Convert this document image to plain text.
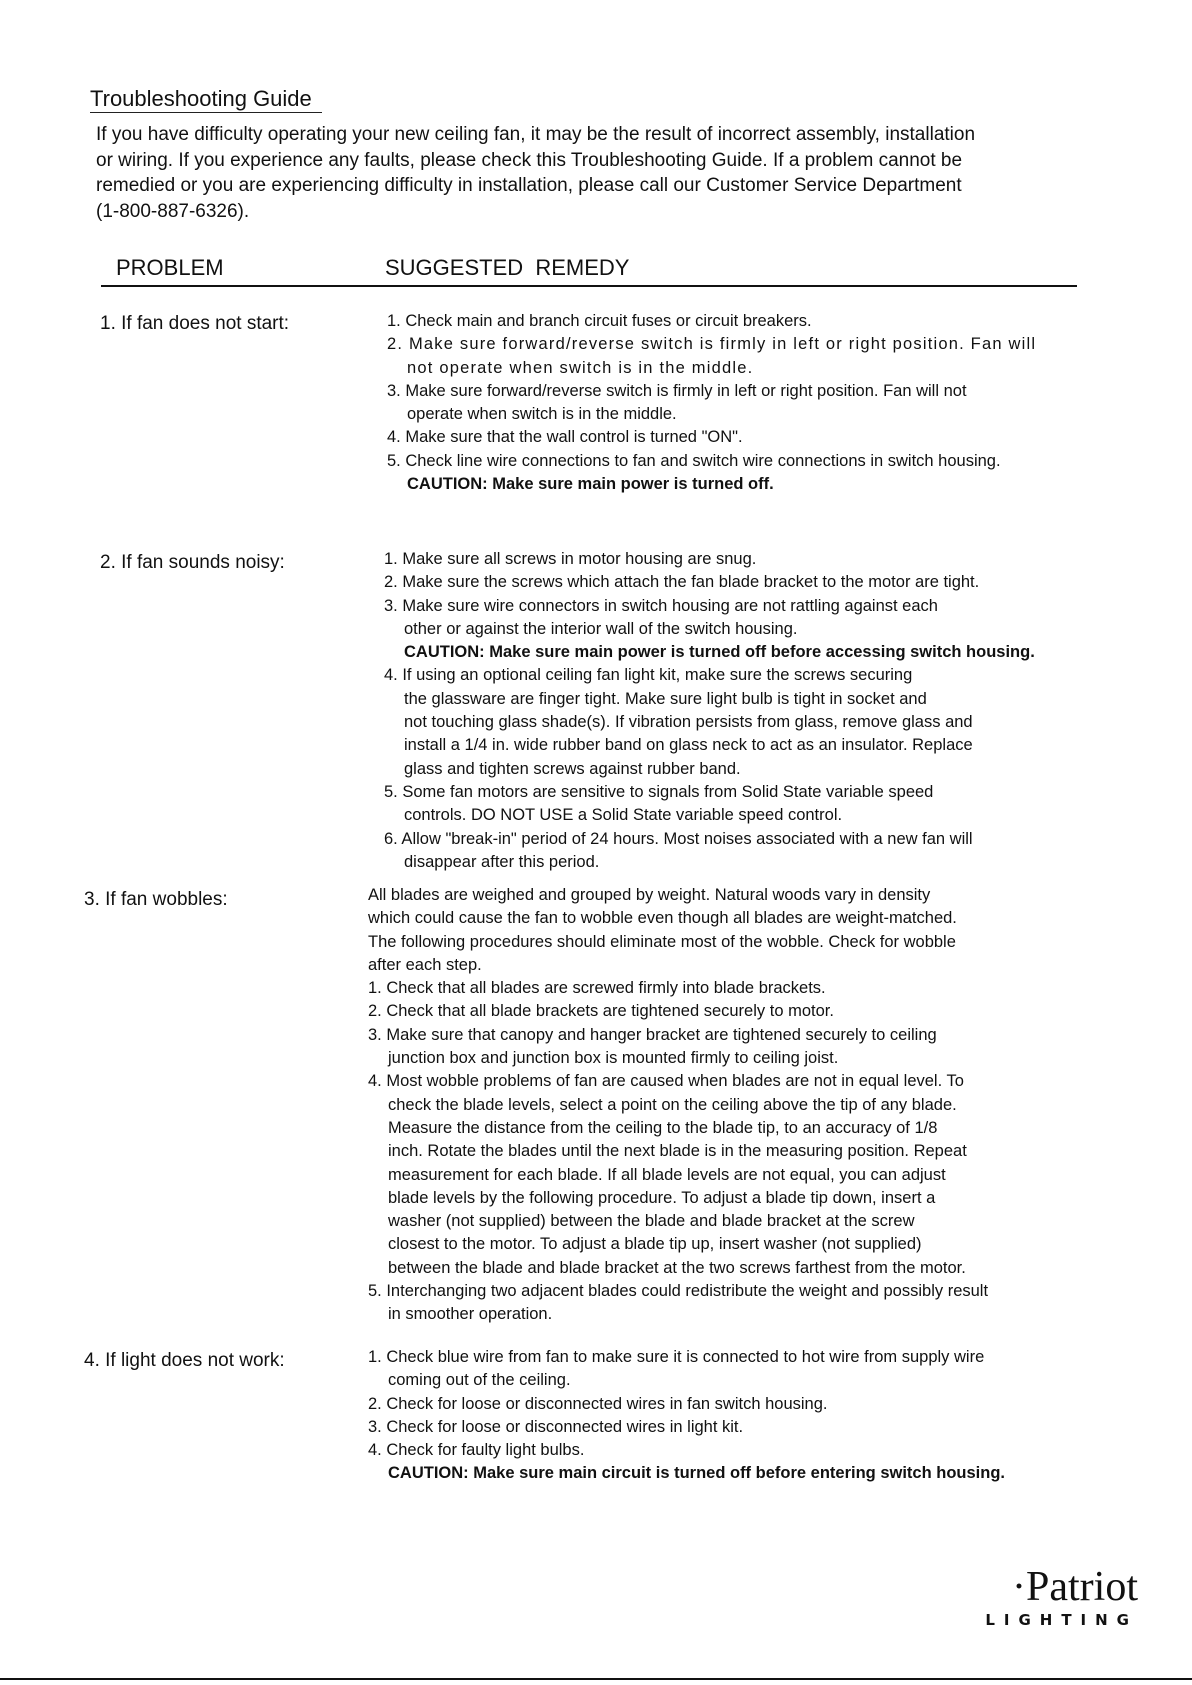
Troubleshooting Guide
If you have difficulty operating your new ceiling fan, it may be the result of incorrect assembly, installation
or wiring. If you experience any faults, please check this Troubleshooting Guide. If a problem cannot be
remedied or you are experiencing difficulty in installation, please call our Customer Service Department
(1-800-887-6326).
PROBLEM	SUGGESTED  REMEDY
1. If fan does not start:	1. Check main and branch circuit fuses or circuit breakers.
2. Make sure forward/reverse switch is firmly in left or right position. Fan will
not operate when switch is in the middle.
3. Make sure forward/reverse switch is firmly in left or right position. Fan will not
operate when switch is in the middle.
4. Make sure that the wall control is turned "ON".
5. Check line wire connections to fan and switch wire connections in switch housing.
CAUTION: Make sure main power is turned off.
2. If fan sounds noisy:	1. Make sure all screws in motor housing are snug.
2. Make sure the screws which attach the fan blade bracket to the motor are tight.
3. Make sure wire connectors in switch housing are not rattling against each
other or against the interior wall of the switch housing.
CAUTION: Make sure main power is turned off before accessing switch housing.
4. If using an optional ceiling fan light kit, make sure the screws securing
the glassware are finger tight. Make sure light bulb is tight in socket and
not touching glass shade(s). If vibration persists from glass, remove glass and
install a 1/4 in. wide rubber band on glass neck to act as an insulator. Replace
glass and tighten screws against rubber band.
5. Some fan motors are sensitive to signals from Solid State variable speed
controls. DO NOT USE a Solid State variable speed control.
6. Allow "break-in" period of 24 hours. Most noises associated with a new fan will
disappear after this period.
3. If fan wobbles:	All blades are weighed and grouped by weight. Natural woods vary in density
which could cause the fan to wobble even though all blades are weight-matched.
The following procedures should eliminate most of the wobble. Check for wobble
after each step.
1. Check that all blades are screwed firmly into blade brackets.
2. Check that all blade brackets are tightened securely to motor.
3. Make sure that canopy and hanger bracket are tightened securely to ceiling
junction box and junction box is mounted firmly to ceiling joist.
4. Most wobble problems of fan are caused when blades are not in equal level. To
check the blade levels, select a point on the ceiling above the tip of any blade.
Measure the distance from the ceiling to the blade tip, to an accuracy of 1/8
inch. Rotate the blades until the next blade is in the measuring position. Repeat
measurement for each blade. If all blade levels are not equal, you can adjust
blade levels by the following procedure. To adjust a blade tip down, insert a
washer (not supplied) between the blade and blade bracket at the screw
closest to the motor. To adjust a blade tip up, insert washer (not supplied)
between the blade and blade bracket at the two screws farthest from the motor.
5. Interchanging two adjacent blades could redistribute the weight and possibly result
in smoother operation.
4. If light does not work:	1. Check blue wire from fan to make sure it is connected to hot wire from supply wire
coming out of the ceiling.
2. Check for loose or disconnected wires in fan switch housing.
3. Check for loose or disconnected wires in light kit.
4. Check for faulty light bulbs.
CAUTION: Make sure main circuit is turned off before entering switch housing.
·Patriot
LIGHTING
